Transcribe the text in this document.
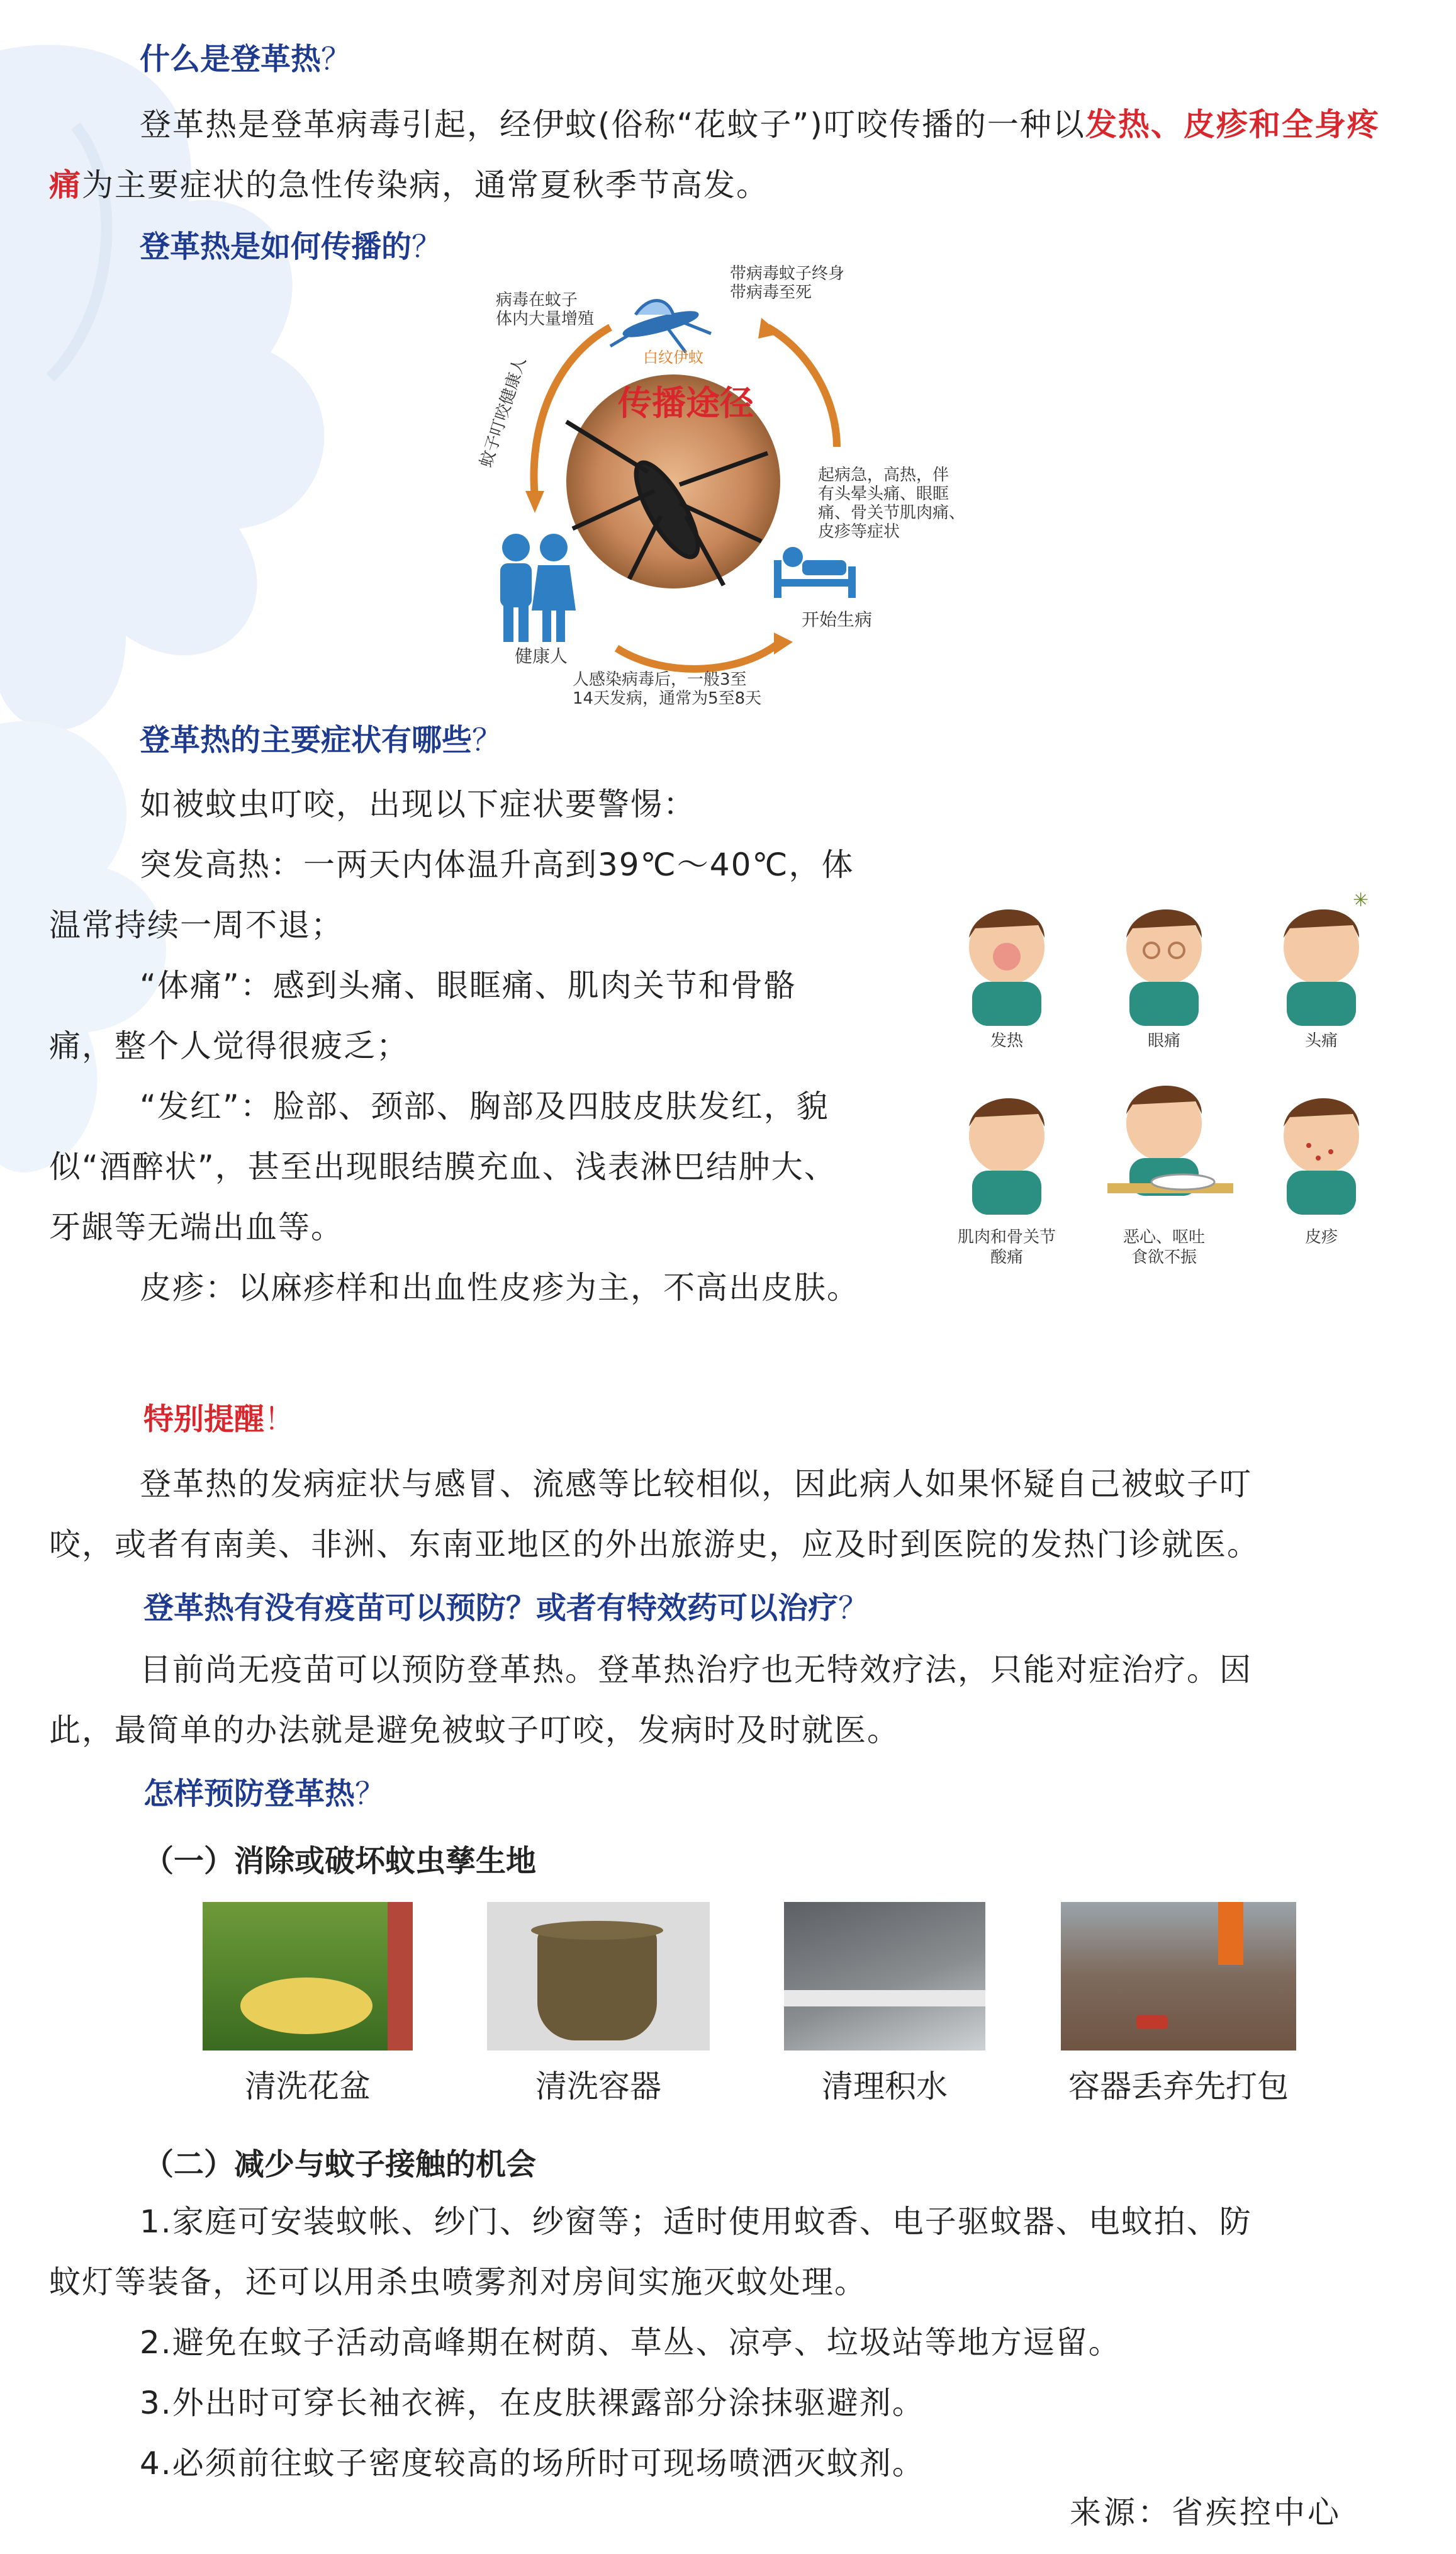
什么是登革热？
登革热是登革病毒引起，经伊蚊(俗称“花蚊子”)叮咬传播的一种以发热、皮疹和全身疼痛为主要症状的急性传染病，通常夏秋季节高发。
登革热是如何传播的？
传播途径
白纹伊蚊
带病毒蚊子终身
带病毒至死
病毒在蚊子
体内大量增殖
蚊子叮咬健康人
起病急，高热，伴
有头晕头痛、眼眶
痛、骨关节肌肉痛、
皮疹等症状
健康人
开始生病
人感染病毒后，一般3至
14天发病，通常为5至8天
登革热的主要症状有哪些？
如被蚊虫叮咬，出现以下症状要警惕：
突发高热：一两天内体温升高到39℃～40℃，体
温常持续一周不退；
“体痛”：感到头痛、眼眶痛、肌肉关节和骨骼
痛，整个人觉得很疲乏；
“发红”：脸部、颈部、胸部及四肢皮肤发红，貌
似“酒醉状”，甚至出现眼结膜充血、浅表淋巴结肿大、
牙龈等无端出血等。
皮疹：以麻疹样和出血性皮疹为主，不高出皮肤。
✳
发热	眼痛	头痛
肌肉和骨关节
酸痛
恶心、呕吐
食欲不振
皮疹
特别提醒！
登革热的发病症状与感冒、流感等比较相似，因此病人如果怀疑自己被蚊子叮
咬，或者有南美、非洲、东南亚地区的外出旅游史，应及时到医院的发热门诊就医。
登革热有没有疫苗可以预防？或者有特效药可以治疗？
目前尚无疫苗可以预防登革热。登革热治疗也无特效疗法，只能对症治疗。因
此，最简单的办法就是避免被蚊子叮咬，发病时及时就医。
怎样预防登革热？
（一）消除或破坏蚊虫孳生地
清洗花盆	清洗容器	清理积水	容器丢弃先打包
（二）减少与蚊子接触的机会
1.家庭可安装蚊帐、纱门、纱窗等；适时使用蚊香、电子驱蚊器、电蚊拍、防
蚊灯等装备，还可以用杀虫喷雾剂对房间实施灭蚊处理。
2.避免在蚊子活动高峰期在树荫、草丛、凉亭、垃圾站等地方逗留。
3.外出时可穿长袖衣裤，在皮肤裸露部分涂抹驱避剂。
4.必须前往蚊子密度较高的场所时可现场喷洒灭蚊剂。
来源：省疾控中心
